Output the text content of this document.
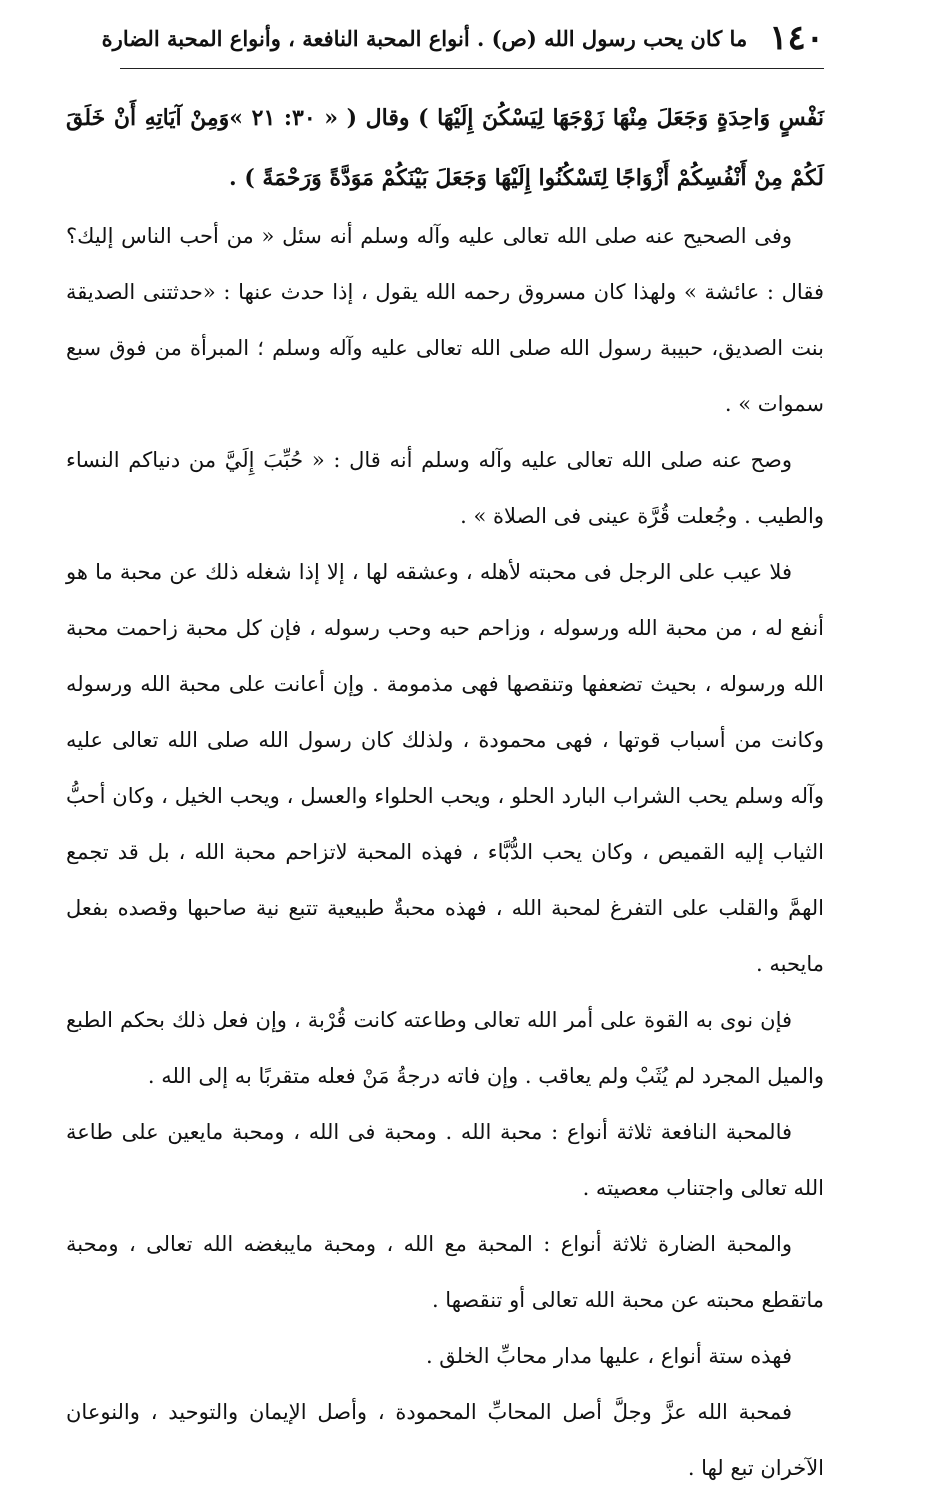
١٤٠
ما كان يحب رسول الله (ص) . أنواع المحبة النافعة ، وأنواع المحبة الضارة

نَفْسٍ وَاحِدَةٍ وَجَعَلَ مِنْهَا زَوْجَهَا لِيَسْكُنَ إِلَيْهَا ) وقال ( « ٣٠: ٢١ »وَمِنْ آيَاتِهِ أَنْ خَلَقَ لَكُمْ مِنْ أَنْفُسِكُمْ أَزْوَاجًا لِتَسْكُنُوا إِلَيْهَا وَجَعَلَ بَيْنَكُمْ مَوَدَّةً وَرَحْمَةً ) .

وفى الصحيح عنه صلى الله تعالى عليه وآله وسلم أنه سئل « من أحب الناس إليك؟فقال : عائشة » ولهذا كان مسروق رحمه الله يقول ، إذا حدث عنها : «حدثتنى الصديقة بنت الصديق، حبيبة رسول الله صلى الله تعالى عليه وآله وسلم ؛ المبرأة من فوق سبع سموات » .

وصح عنه صلى الله تعالى عليه وآله وسلم أنه قال : « حُبِّبَ إِلَيَّ من دنياكم النساء والطيب . وجُعلت قُرَّة عينى فى الصلاة » .

فلا عيب على الرجل فى محبته لأهله ، وعشقه لها ، إلا إذا شغله ذلك عن محبة ما هو أنفع له ، من محبة الله ورسوله ، وزاحم حبه وحب رسوله ، فإن كل محبة زاحمت محبة الله ورسوله ، بحيث تضعفها وتنقصها فهى مذمومة . وإن أعانت على محبة الله ورسوله وكانت من أسباب قوتها ، فهى محمودة ، ولذلك كان رسول الله صلى الله تعالى عليه وآله وسلم يحب الشراب البارد الحلو ، ويحب الحلواء والعسل ، ويحب الخيل ، وكان أحبُّ الثياب إليه القميص ، وكان يحب الدُّبَّاء ، فهذه المحبة لاتزاحم محبة الله ، بل قد تجمع الهمَّ والقلب على التفرغ لمحبة الله ، فهذه محبةٌ طبيعية تتبع نية صاحبها وقصده بفعل مايحبه .

فإن نوى به القوة على أمر الله تعالى وطاعته كانت قُرْبة ، وإن فعل ذلك بحكم الطبع والميل المجرد لم يُثَبْ ولم يعاقب . وإن فاته درجةُ مَنْ فعله متقربًا به إلى الله .

فالمحبة النافعة ثلاثة أنواع : محبة الله . ومحبة فى الله ، ومحبة مايعين على طاعة الله تعالى واجتناب معصيته .

والمحبة الضارة ثلاثة أنواع : المحبة مع الله ، ومحبة مايبغضه الله تعالى ، ومحبة ماتقطع محبته عن محبة الله تعالى أو تنقصها .

فهذه ستة أنواع ، عليها مدار محابِّ الخلق .

فمحبة الله عزَّ وجلَّ أصل المحابِّ المحمودة ، وأصل الإيمان والتوحيد ، والنوعان الآخران تبع لها .
